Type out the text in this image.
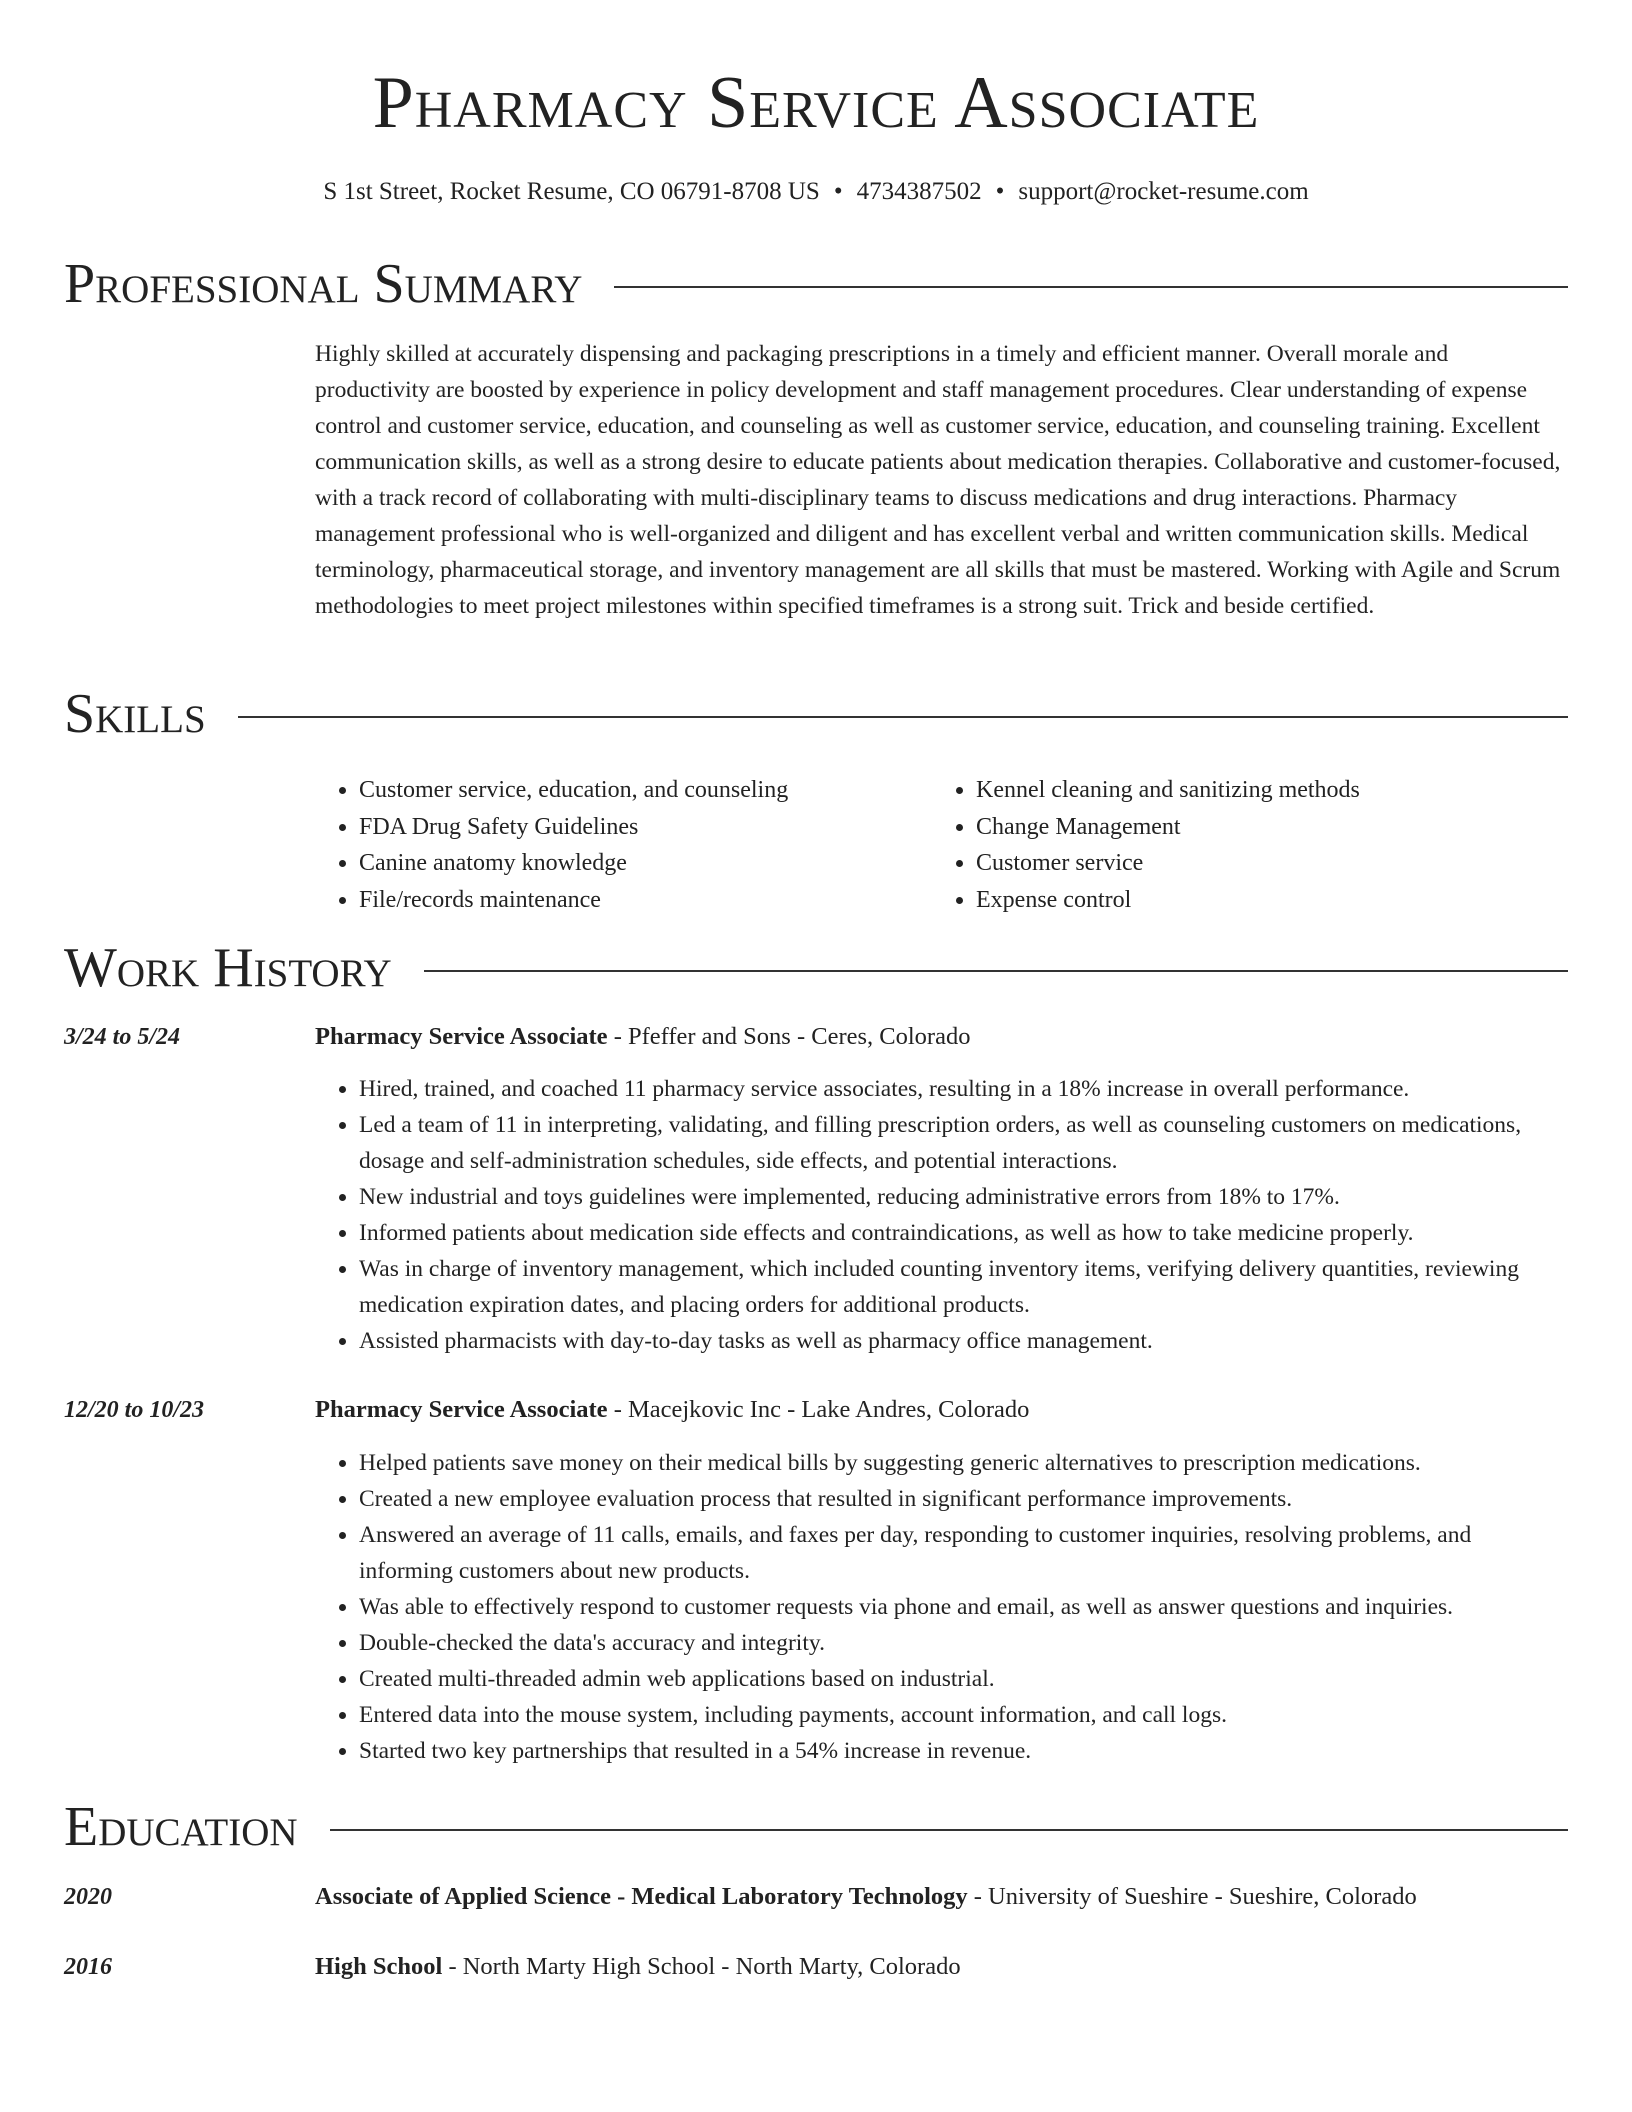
Pharmacy Service Associate
S 1st Street, Rocket Resume, CO 06791-8708 US • 4734387502 • support@rocket-resume.com
Professional Summary
Highly skilled at accurately dispensing and packaging prescriptions in a timely and efficient manner. Overall morale and productivity are boosted by experience in policy development and staff management procedures. Clear understanding of expense control and customer service, education, and counseling as well as customer service, education, and counseling training. Excellent communication skills, as well as a strong desire to educate patients about medication therapies. Collaborative and customer-focused, with a track record of collaborating with multi-disciplinary teams to discuss medications and drug interactions. Pharmacy management professional who is well-organized and diligent and has excellent verbal and written communication skills. Medical terminology, pharmaceutical storage, and inventory management are all skills that must be mastered. Working with Agile and Scrum methodologies to meet project milestones within specified timeframes is a strong suit. Trick and beside certified.
Skills
• Customer service, education, and counseling
• FDA Drug Safety Guidelines
• Canine anatomy knowledge
• File/records maintenance
• Kennel cleaning and sanitizing methods
• Change Management
• Customer service
• Expense control
Work History
3/24 to 5/24	Pharmacy Service Associate - Pfeffer and Sons - Ceres, Colorado
• Hired, trained, and coached 11 pharmacy service associates, resulting in a 18% increase in overall performance.
• Led a team of 11 in interpreting, validating, and filling prescription orders, as well as counseling customers on medications, dosage and self-administration schedules, side effects, and potential interactions.
• New industrial and toys guidelines were implemented, reducing administrative errors from 18% to 17%.
• Informed patients about medication side effects and contraindications, as well as how to take medicine properly.
• Was in charge of inventory management, which included counting inventory items, verifying delivery quantities, reviewing medication expiration dates, and placing orders for additional products.
• Assisted pharmacists with day-to-day tasks as well as pharmacy office management.
12/20 to 10/23	Pharmacy Service Associate - Macejkovic Inc - Lake Andres, Colorado
• Helped patients save money on their medical bills by suggesting generic alternatives to prescription medications.
• Created a new employee evaluation process that resulted in significant performance improvements.
• Answered an average of 11 calls, emails, and faxes per day, responding to customer inquiries, resolving problems, and informing customers about new products.
• Was able to effectively respond to customer requests via phone and email, as well as answer questions and inquiries.
• Double-checked the data's accuracy and integrity.
• Created multi-threaded admin web applications based on industrial.
• Entered data into the mouse system, including payments, account information, and call logs.
• Started two key partnerships that resulted in a 54% increase in revenue.
Education
2020	Associate of Applied Science - Medical Laboratory Technology - University of Sueshire - Sueshire, Colorado
2016	High School - North Marty High School - North Marty, Colorado
